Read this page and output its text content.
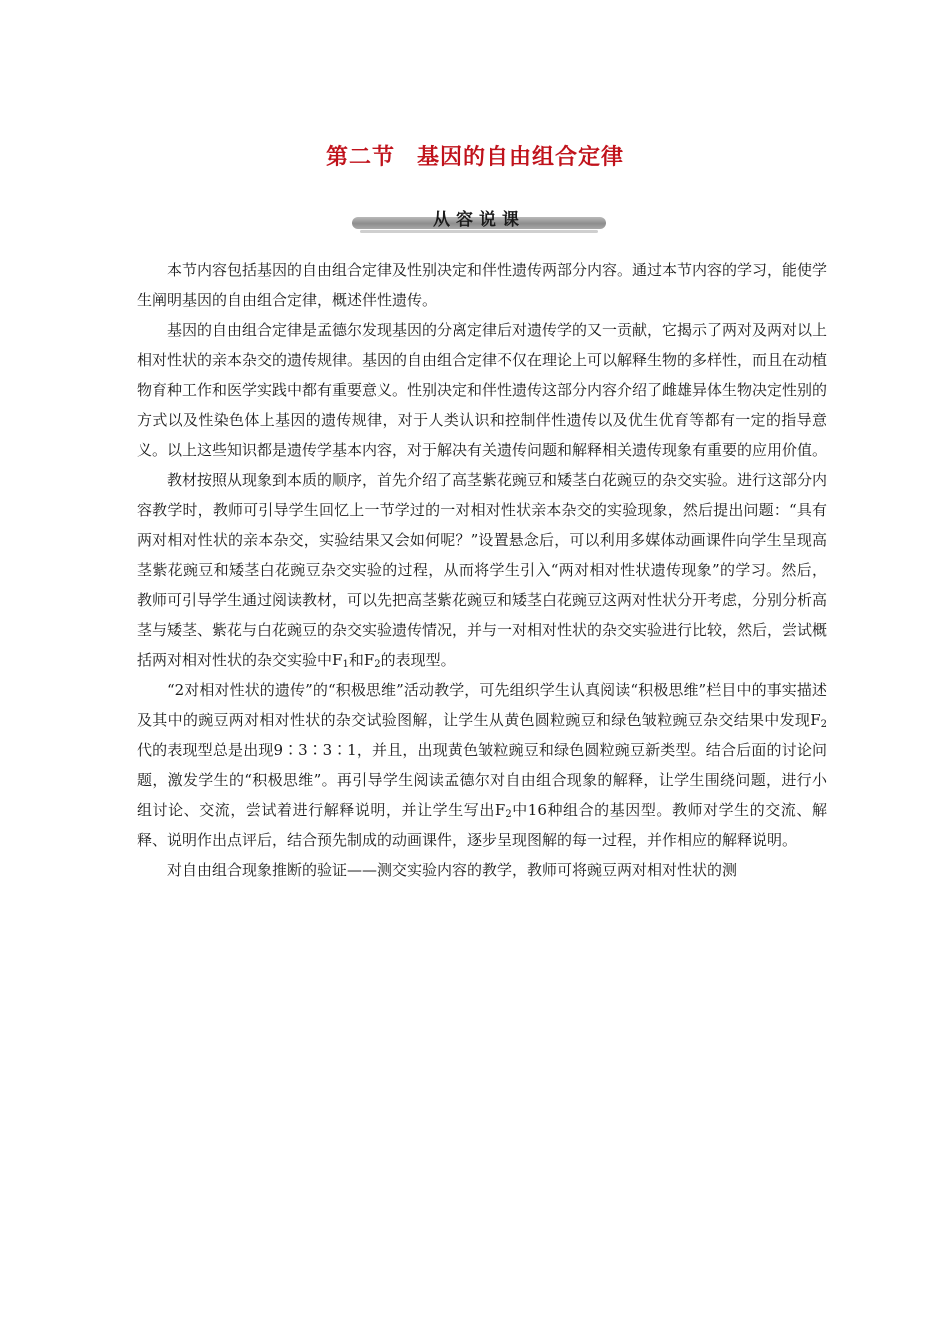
第二节 基因的自由组合定律
从容说课

本节内容包括基因的自由组合定律及性别决定和伴性遗传两部分内容。通过本节内容的学习，能使学生阐明基因的自由组合定律，概述伴性遗传。

基因的自由组合定律是孟德尔发现基因的分离定律后对遗传学的又一贡献，它揭示了两对及两对以上相对性状的亲本杂交的遗传规律。基因的自由组合定律不仅在理论上可以解释生物的多样性，而且在动植物育种工作和医学实践中都有重要意义。性别决定和伴性遗传这部分内容介绍了雌雄异体生物决定性别的方式以及性染色体上基因的遗传规律，对于人类认识和控制伴性遗传以及优生优育等都有一定的指导意义。以上这些知识都是遗传学基本内容，对于解决有关遗传问题和解释相关遗传现象有重要的应用价值。

教材按照从现象到本质的顺序，首先介绍了高茎紫花豌豆和矮茎白花豌豆的杂交实验。进行这部分内容教学时，教师可引导学生回忆上一节学过的一对相对性状亲本杂交的实验现象，然后提出问题：“具有两对相对性状的亲本杂交，实验结果又会如何呢？”设置悬念后，可以利用多媒体动画课件向学生呈现高茎紫花豌豆和矮茎白花豌豆杂交实验的过程，从而将学生引入“两对相对性状遗传现象”的学习。然后，教师可引导学生通过阅读教材，可以先把高茎紫花豌豆和矮茎白花豌豆这两对性状分开考虑，分别分析高茎与矮茎、紫花与白花豌豆的杂交实验遗传情况，并与一对相对性状的杂交实验进行比较，然后，尝试概括两对相对性状的杂交实验中$F_1$和$F_2$的表现型。

“2对相对性状的遗传”的“积极思维”活动教学，可先组织学生认真阅读“积极思维”栏目中的事实描述及其中的豌豆两对相对性状的杂交试验图解，让学生从黄色圆粒豌豆和绿色皱粒豌豆杂交结果中发现$F_2$代的表现型总是出现9∶3∶3∶1，并且，出现黄色皱粒豌豆和绿色圆粒豌豆新类型。结合后面的讨论问题，激发学生的“积极思维”。再引导学生阅读孟德尔对自由组合现象的解释，让学生围绕问题，进行小组讨论、交流，尝试着进行解释说明，并让学生写出$F_2$中16种组合的基因型。教师对学生的交流、解释、说明作出点评后，结合预先制成的动画课件，逐步呈现图解的每一过程，并作相应的解释说明。

对自由组合现象推断的验证——测交实验内容的教学，教师可将豌豆两对相对性状的测
